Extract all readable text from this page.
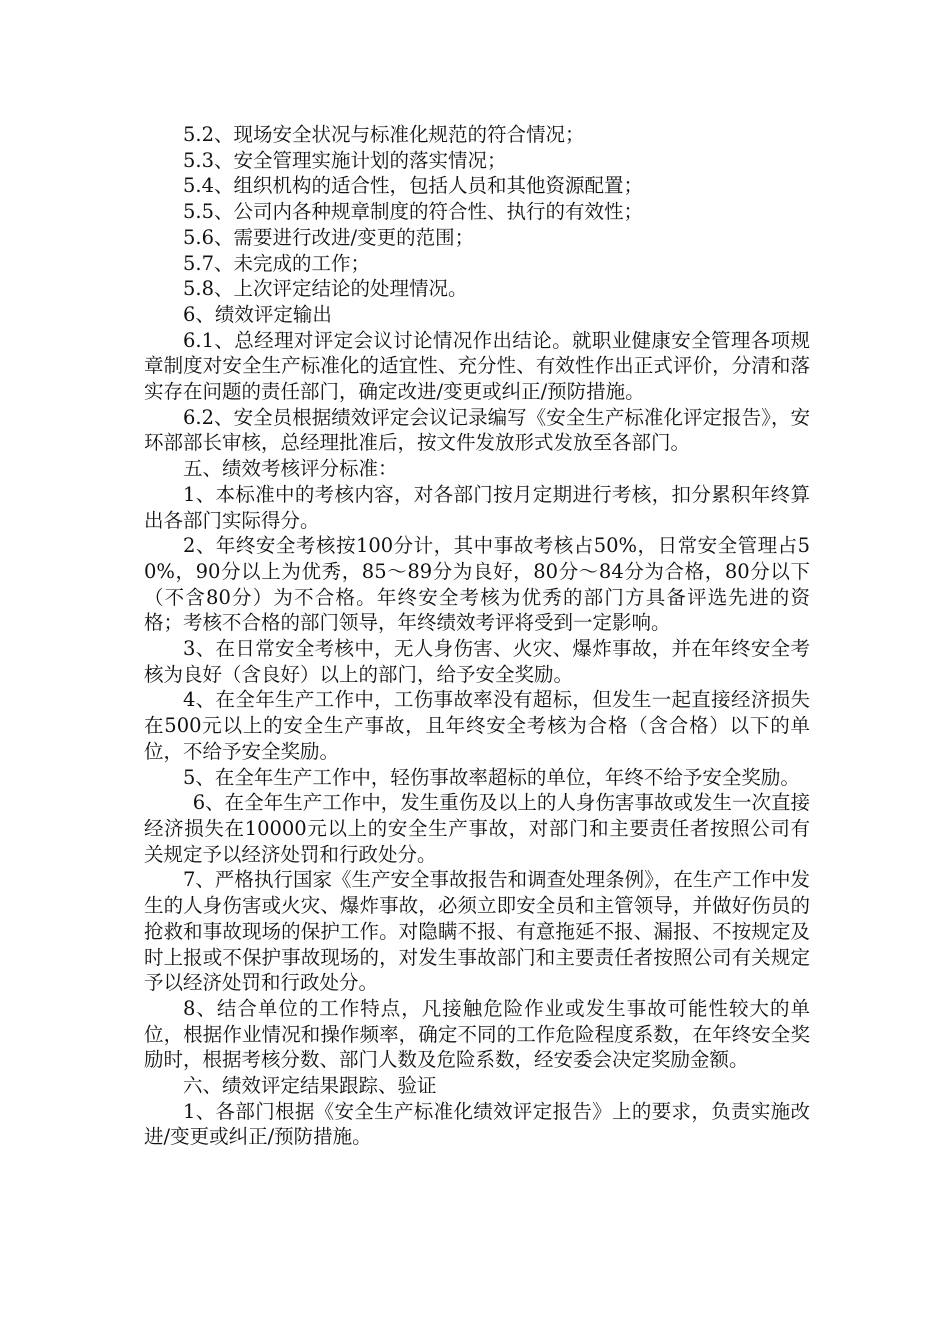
5.2、现场安全状况与标准化规范的符合情况；

5.3、安全管理实施计划的落实情况；

5.4、组织机构的适合性，包括人员和其他资源配置；

5.5、公司内各种规章制度的符合性、执行的有效性；

5.6、需要进行改进/变更的范围；

5.7、未完成的工作；

5.8、上次评定结论的处理情况。

6、绩效评定输出

6.1、总经理对评定会议讨论情况作出结论。就职业健康安全管理各项规章制度对安全生产标准化的适宜性、充分性、有效性作出正式评价，分清和落实存在问题的责任部门，确定改进/变更或纠正/预防措施。

6.2、安全员根据绩效评定会议记录编写《安全生产标准化评定报告》，安环部部长审核，总经理批准后，按文件发放形式发放至各部门。

五、绩效考核评分标准：

1、本标准中的考核内容，对各部门按月定期进行考核，扣分累积年终算出各部门实际得分。

2、年终安全考核按100分计，其中事故考核占50%，日常安全管理占50%，90分以上为优秀，85～89分为良好，80分～84分为合格，80分以下（不含80分）为不合格。年终安全考核为优秀的部门方具备评选先进的资格；考核不合格的部门领导，年终绩效考评将受到一定影响。

3、在日常安全考核中，无人身伤害、火灾、爆炸事故，并在年终安全考核为良好（含良好）以上的部门，给予安全奖励。

4、在全年生产工作中，工伤事故率没有超标，但发生一起直接经济损失在500元以上的安全生产事故，且年终安全考核为合格（含合格）以下的单位，不给予安全奖励。

5、在全年生产工作中，轻伤事故率超标的单位，年终不给予安全奖励。

6、在全年生产工作中，发生重伤及以上的人身伤害事故或发生一次直接经济损失在10000元以上的安全生产事故，对部门和主要责任者按照公司有关规定予以经济处罚和行政处分。

7、严格执行国家《生产安全事故报告和调查处理条例》，在生产工作中发生的人身伤害或火灾、爆炸事故，必须立即安全员和主管领导，并做好伤员的抢救和事故现场的保护工作。对隐瞒不报、有意拖延不报、漏报、不按规定及时上报或不保护事故现场的，对发生事故部门和主要责任者按照公司有关规定予以经济处罚和行政处分。

8、结合单位的工作特点，凡接触危险作业或发生事故可能性较大的单位，根据作业情况和操作频率，确定不同的工作危险程度系数，在年终安全奖励时，根据考核分数、部门人数及危险系数，经安委会决定奖励金额。

六、绩效评定结果跟踪、验证

1、各部门根据《安全生产标准化绩效评定报告》上的要求，负责实施改进/变更或纠正/预防措施。
